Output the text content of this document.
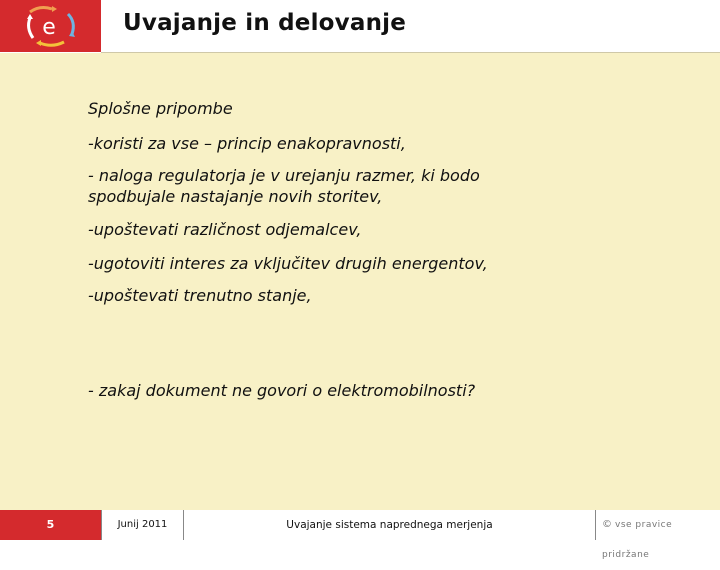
e	Uvajanje in delovanje
Splošne pripombe
-koristi za vse – princip enakopravnosti,
- naloga regulatorja je v urejanju razmer, ki bodo
spodbujale nastajanje novih storitev,
-upoštevati različnost odjemalcev,
-ugotoviti interes za vključitev drugih energentov,
-upoštevati trenutno stanje,
- zakaj dokument ne govori o elektromobilnosti?
5	Junij 2011	Uvajanje sistema naprednega merjenja	© vse pravice pridržane
